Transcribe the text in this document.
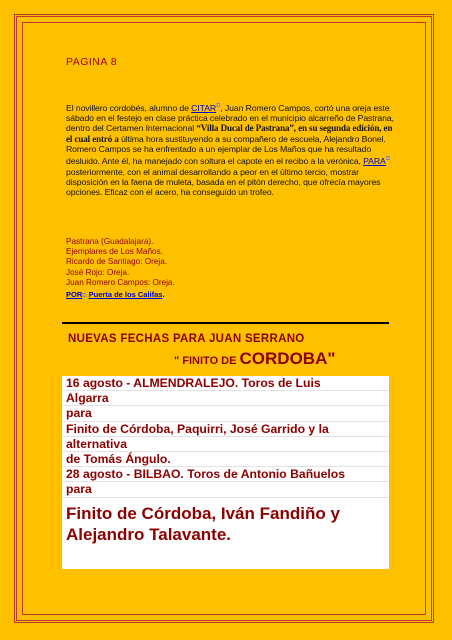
PAGINA 8
El novillero cordobés, alumno de CITAR⧉, Juan Romero Campos, cortó una oreja este sábado en el festejo en clase práctica celebrado en el municipio alcarreño de Pastrana, dentro del Certamen Internacional “Villa Ducal de Pastrana”, en su segunda edición, en el cual entró a última hora sustituyendo a su compañero de escuela, Alejandro Bonel. Romero Campos se ha enfrentado a un ejemplar de Los Maños que ha resultado desluido. Ante él, ha manejado con soltura el capote en el recibo a la verónica, PARA⧉ posteriormente, con el animal desarrollando a peor en el último tercio, mostrar disposición en la faena de muleta, basada en el pitón derecho, que ofrecía mayores opciones. Eficaz con el acero, ha conseguido un trofeo.
Pastrana (Guadalajara).
Ejemplares de Los Maños.
Ricardo de Santiago: Oreja.
José Rojo: Oreja.
Juan Romero Campos: Oreja.
POR⧉ Puerta de los Califas.
NUEVAS FECHAS PARA JUAN SERRANO
" FINITO DE CORDOBA"
16 agosto - ALMENDRALEJO. Toros de Luis
Algarra
para
Finito de Córdoba, Paquirri, José Garrido y la
alternativa
de Tomás Ángulo.
28 agosto - BILBAO. Toros de Antonio Bañuelos
para
Finito de Córdoba, Iván Fandiño y
Alejandro Talavante.
